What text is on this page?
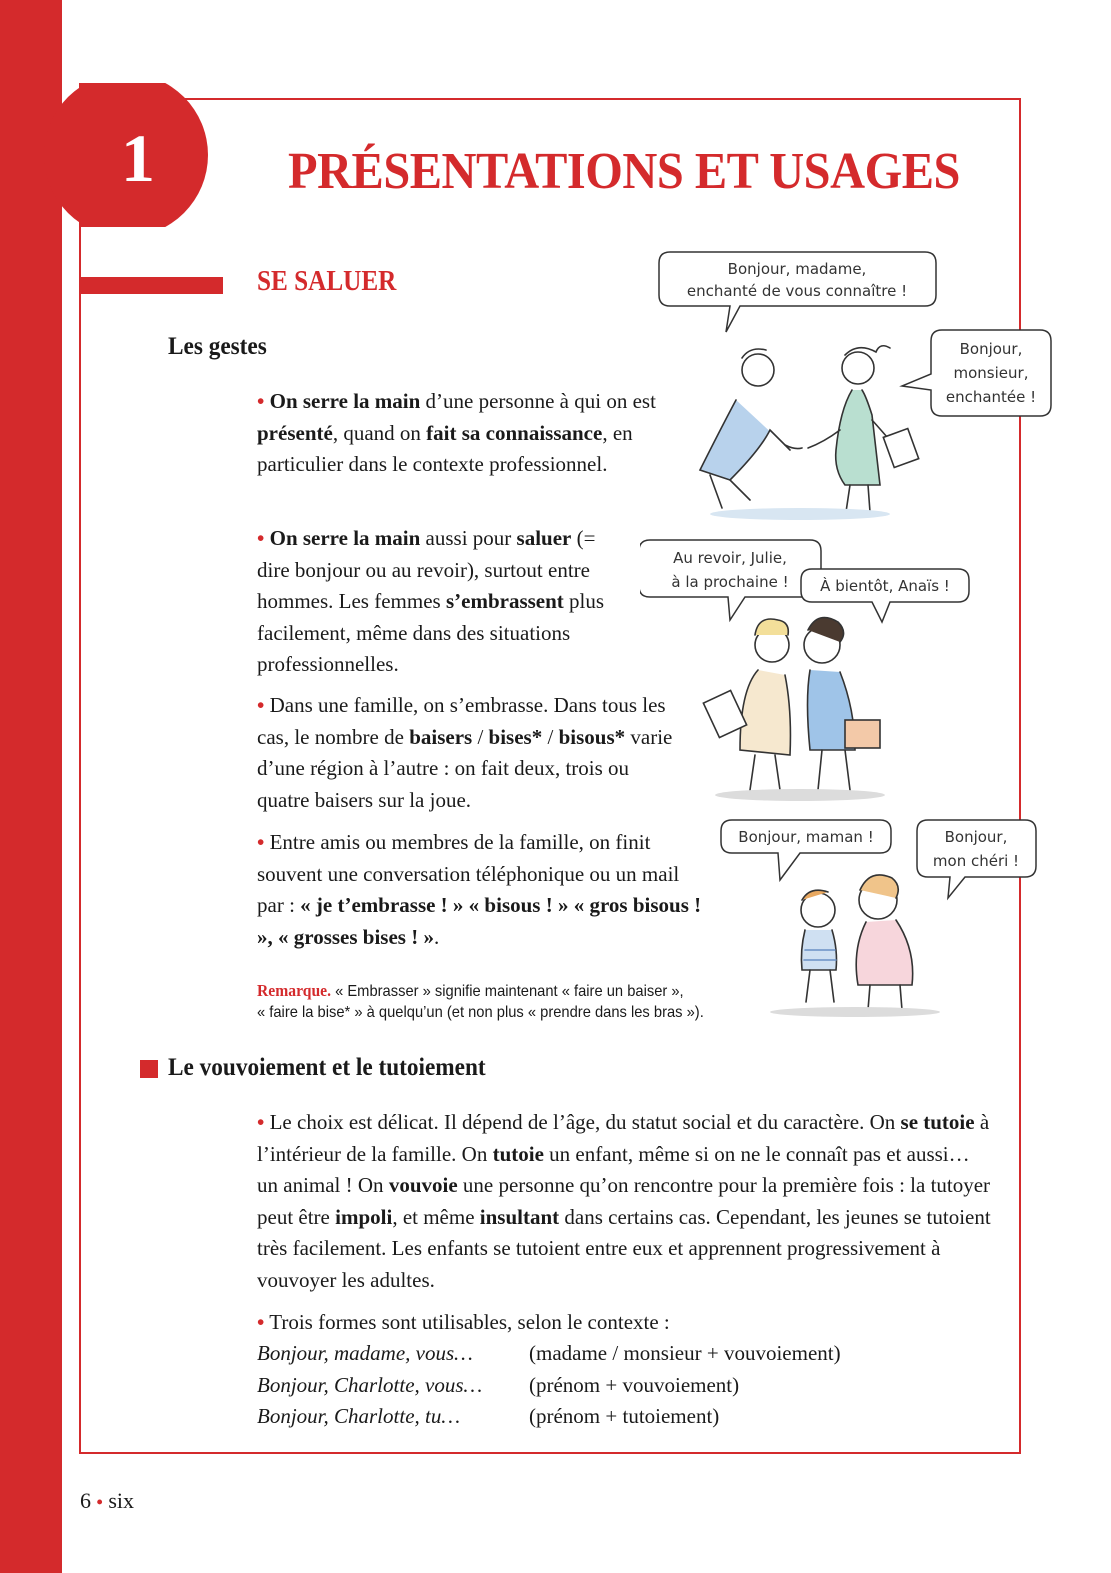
1	PRÉSENTATIONS ET USAGES
SE SALUER
Les gestes
• On serre la main d’une personne à qui on est présenté, quand on fait sa connaissance, en particulier dans le contexte professionnel.
• On serre la main aussi pour saluer (= dire bonjour ou au revoir), surtout entre hommes. Les femmes s’embrassent plus facilement, même dans des situations professionnelles.
• Dans une famille, on s’embrasse. Dans tous les cas, le nombre de baisers / bises* / bisous* varie d’une région à l’autre : on fait deux, trois ou quatre baisers sur la joue.
• Entre amis ou membres de la famille, on finit souvent une conversation téléphonique ou un mail par : « je t’embrasse ! » « bisous ! » « gros bisous ! », « grosses bises ! ».
Remarque. « Embrasser » signifie maintenant « faire un baiser »,
« faire la bise* » à quelqu’un (et non plus « prendre dans les bras »).
Le vouvoiement et le tutoiement
• Le choix est délicat. Il dépend de l’âge, du statut social et du caractère. On se tutoie à l’intérieur de la famille. On tutoie un enfant, même si on ne le connaît pas et aussi… un animal ! On vouvoie une personne qu’on rencontre pour la première fois : la tutoyer peut être impoli, et même insultant dans certains cas. Cependant, les jeunes se tutoient très facilement. Les enfants se tutoient entre eux et apprennent progressivement à vouvoyer les adultes.
• Trois formes sont utilisables, selon le contexte :
Bonjour, madame, vous…	(madame / monsieur + vouvoiement)
Bonjour, Charlotte, vous…	(prénom + vouvoiement)
Bonjour, Charlotte, tu…	(prénom + tutoiement)
Bonjour, madame,
enchanté de vous connaître !
Bonjour,
monsieur,
enchantée !
Au revoir, Julie,
à la prochaine ! À bientôt, Anaïs !
Bonjour, maman !	Bonjour,
mon chéri !
6 • six
